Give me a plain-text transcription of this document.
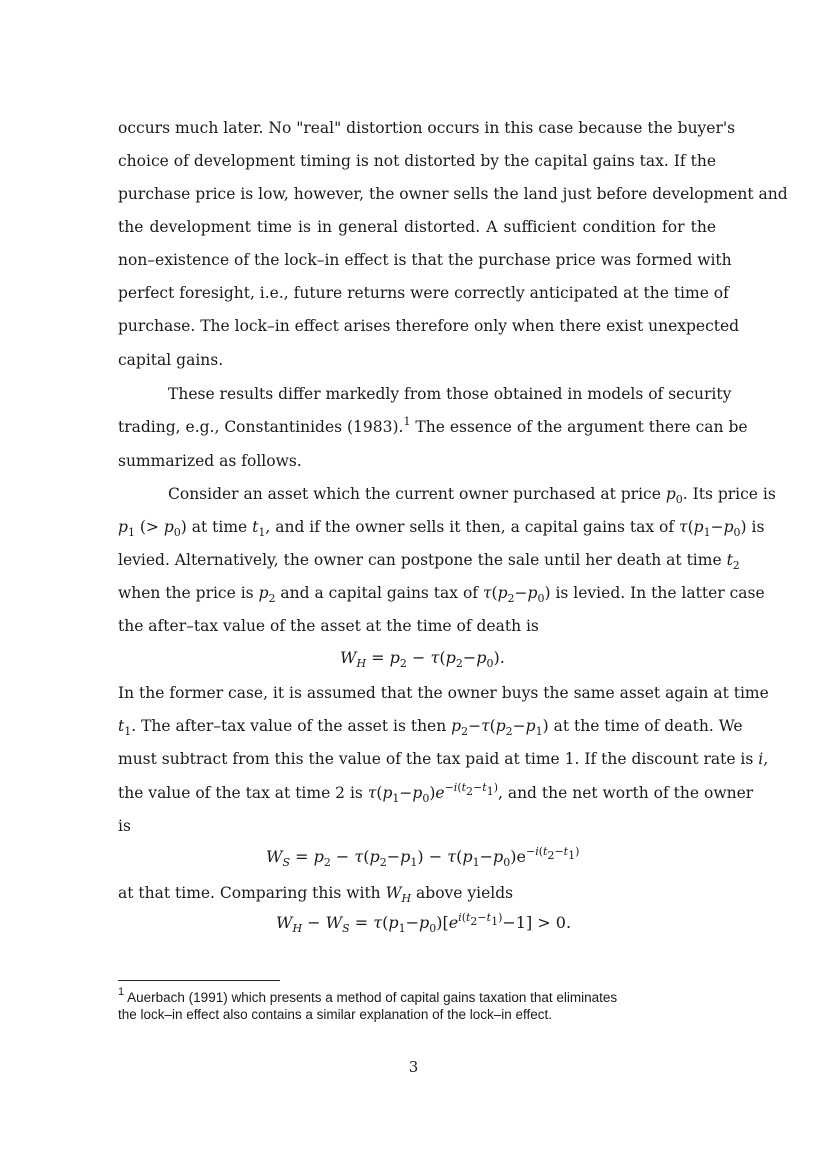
occurs much later. No "real" distortion occurs in this case because the buyer's
choice of development timing is not distorted by the capital gains tax. If the
purchase price is low, however, the owner sells the land just before development and
the development time is in general distorted. A sufficient condition for the
non–existence of the lock–in effect is that the purchase price was formed with
perfect foresight, i.e., future returns were correctly anticipated at the time of
purchase. The lock–in effect arises therefore only when there exist unexpected
capital gains.
These results differ markedly from those obtained in models of security
trading, e.g., Constantinides (1983).$^1$ The essence of the argument there can be
summarized as follows.
Consider an asset which the current owner purchased at price $p_0$. Its price is
$p_1$ (> $p_0$) at time $t_1$, and if the owner sells it then, a capital gains tax of $\tau(p_1-p_0)$ is
levied. Alternatively, the owner can postpone the sale until her death at time $t_2$
when the price is $p_2$ and a capital gains tax of $\tau(p_2-p_0)$ is levied. In the latter case
the after–tax value of the asset at the time of death is
$W_H = p_2 - \tau(p_2-p_0)$.
In the former case, it is assumed that the owner buys the same asset again at time
$t_1$. The after–tax value of the asset is then $p_2-\tau(p_2-p_1)$ at the time of death. We
must subtract from this the value of the tax paid at time 1. If the discount rate is i,
the value of the tax at time 2 is $\tau(p_1-p_0)e^{-i(t_2-t_1)}$, and the net worth of the owner
is
$W_S = p_2 - \tau(p_2-p_1) - \tau(p_1-p_0)e^{-i(t_2-t_1)}$
at that time. Comparing this with $W_H$ above yields
$W_H - W_S = \tau(p_1-p_0)[e^{i(t_2-t_1)}-1] > 0$.
$^1$ Auerbach (1991) which presents a method of capital gains taxation that eliminates
the lock–in effect also contains a similar explanation of the lock–in effect.
3
